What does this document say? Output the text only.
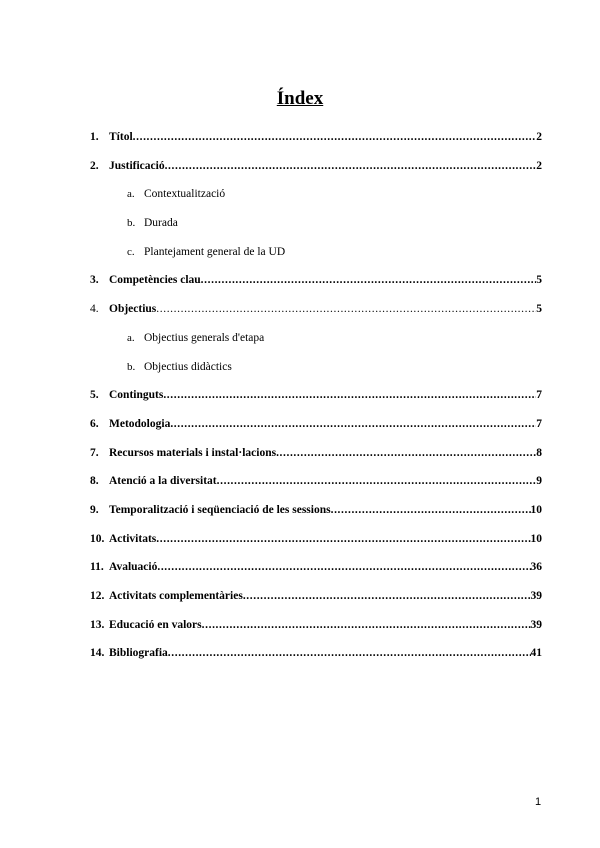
Índex
1. Títol .....	2
2. Justificació .....	2
a. Contextualització
b. Durada
c. Plantejament general de la UD
3. Competències clau .....	5
4. Objectius .....	5
a. Objectius generals d'etapa
b. Objectius didàctics
5. Continguts .....	7
6. Metodologia .....	7
7. Recursos materials i instal·lacions .....	8
8. Atenció a la diversitat .....	9
9. Temporalització i seqüenciació de les sessions .....	10
10. Activitats .....	10
11. Avaluació .....	36
12. Activitats complementàries .....	39
13. Educació en valors .....	39
14. Bibliografia .....	41
1
